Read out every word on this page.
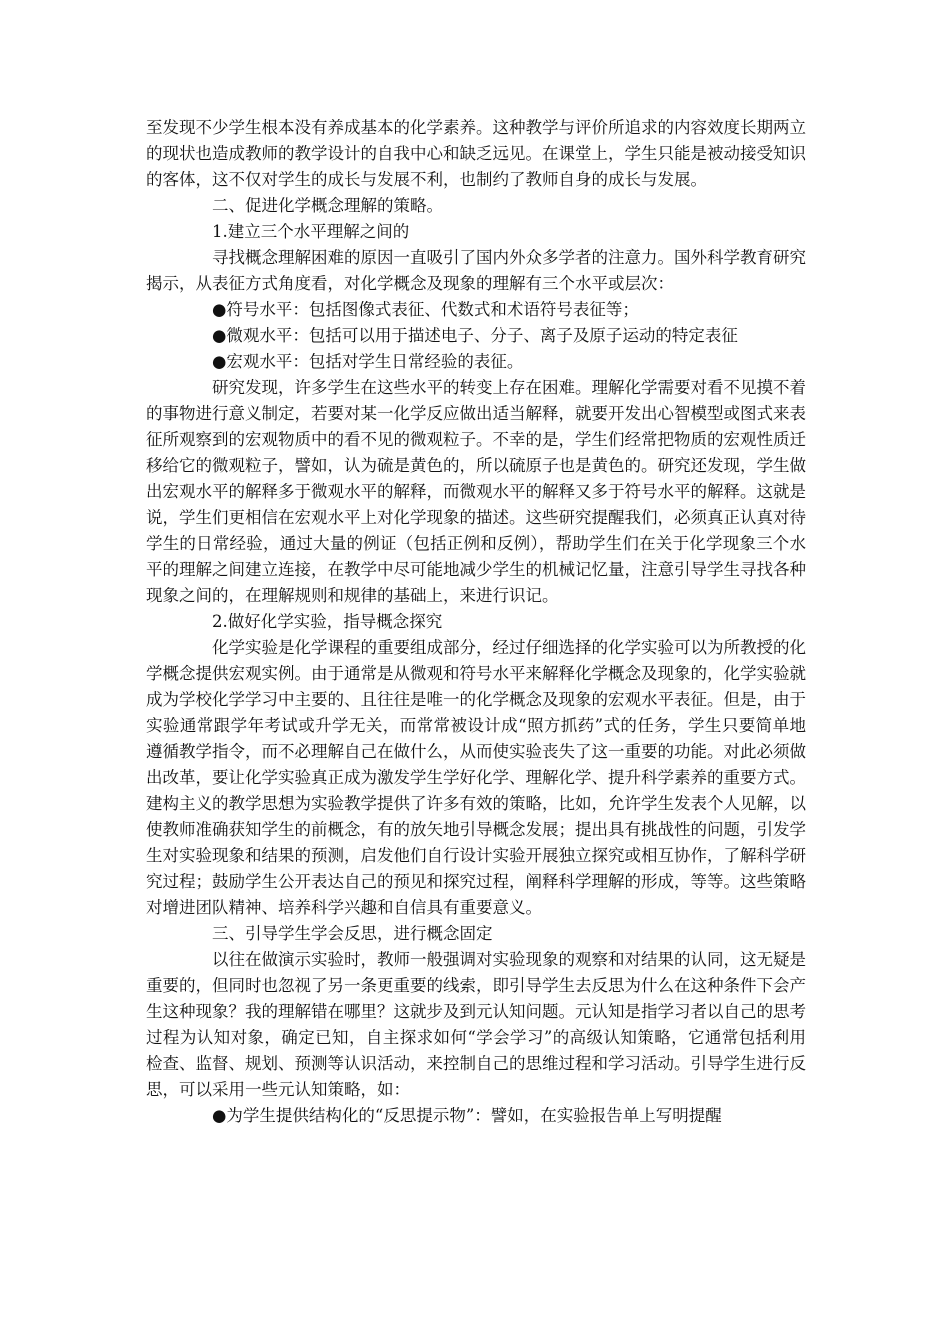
至发现不少学生根本没有养成基本的化学素养。这种教学与评价所追求的内容效度长期两立的现状也造成教师的教学设计的自我中心和缺乏远见。在课堂上，学生只能是被动接受知识的客体，这不仅对学生的成长与发展不利，也制约了教师自身的成长与发展。

二、促进化学概念理解的策略。

1.建立三个水平理解之间的

寻找概念理解困难的原因一直吸引了国内外众多学者的注意力。国外科学教育研究揭示，从表征方式角度看，对化学概念及现象的理解有三个水平或层次：

●符号水平：包括图像式表征、代数式和术语符号表征等；

●微观水平：包括可以用于描述电子、分子、离子及原子运动的特定表征

●宏观水平：包括对学生日常经验的表征。

研究发现，许多学生在这些水平的转变上存在困难。理解化学需要对看不见摸不着的事物进行意义制定，若要对某一化学反应做出适当解释，就要开发出心智模型或图式来表征所观察到的宏观物质中的看不见的微观粒子。不幸的是，学生们经常把物质的宏观性质迁移给它的微观粒子，譬如，认为硫是黄色的，所以硫原子也是黄色的。研究还发现，学生做出宏观水平的解释多于微观水平的解释，而微观水平的解释又多于符号水平的解释。这就是说，学生们更相信在宏观水平上对化学现象的描述。这些研究提醒我们，必须真正认真对待学生的日常经验，通过大量的例证（包括正例和反例），帮助学生们在关于化学现象三个水平的理解之间建立连接，在教学中尽可能地减少学生的机械记忆量，注意引导学生寻找各种现象之间的，在理解规则和规律的基础上，来进行识记。

2.做好化学实验，指导概念探究

化学实验是化学课程的重要组成部分，经过仔细选择的化学实验可以为所教授的化学概念提供宏观实例。由于通常是从微观和符号水平来解释化学概念及现象的，化学实验就成为学校化学学习中主要的、且往往是唯一的化学概念及现象的宏观水平表征。但是，由于实验通常跟学年考试或升学无关，而常常被设计成“照方抓药”式的任务，学生只要简单地遵循教学指令，而不必理解自己在做什么，从而使实验丧失了这一重要的功能。对此必须做出改革，要让化学实验真正成为激发学生学好化学、理解化学、提升科学素养的重要方式。建构主义的教学思想为实验教学提供了许多有效的策略，比如，允许学生发表个人见解，以使教师准确获知学生的前概念，有的放矢地引导概念发展；提出具有挑战性的问题，引发学生对实验现象和结果的预测，启发他们自行设计实验开展独立探究或相互协作，了解科学研究过程；鼓励学生公开表达自己的预见和探究过程，阐释科学理解的形成，等等。这些策略对增进团队精神、培养科学兴趣和自信具有重要意义。

三、引导学生学会反思，进行概念固定

以往在做演示实验时，教师一般强调对实验现象的观察和对结果的认同，这无疑是重要的，但同时也忽视了另一条更重要的线索，即引导学生去反思为什么在这种条件下会产生这种现象？我的理解错在哪里？这就步及到元认知问题。元认知是指学习者以自己的思考过程为认知对象，确定已知，自主探求如何“学会学习”的高级认知策略，它通常包括利用检查、监督、规划、预测等认识活动，来控制自己的思维过程和学习活动。引导学生进行反思，可以采用一些元认知策略，如：

●为学生提供结构化的“反思提示物”：譬如，在实验报告单上写明提醒
